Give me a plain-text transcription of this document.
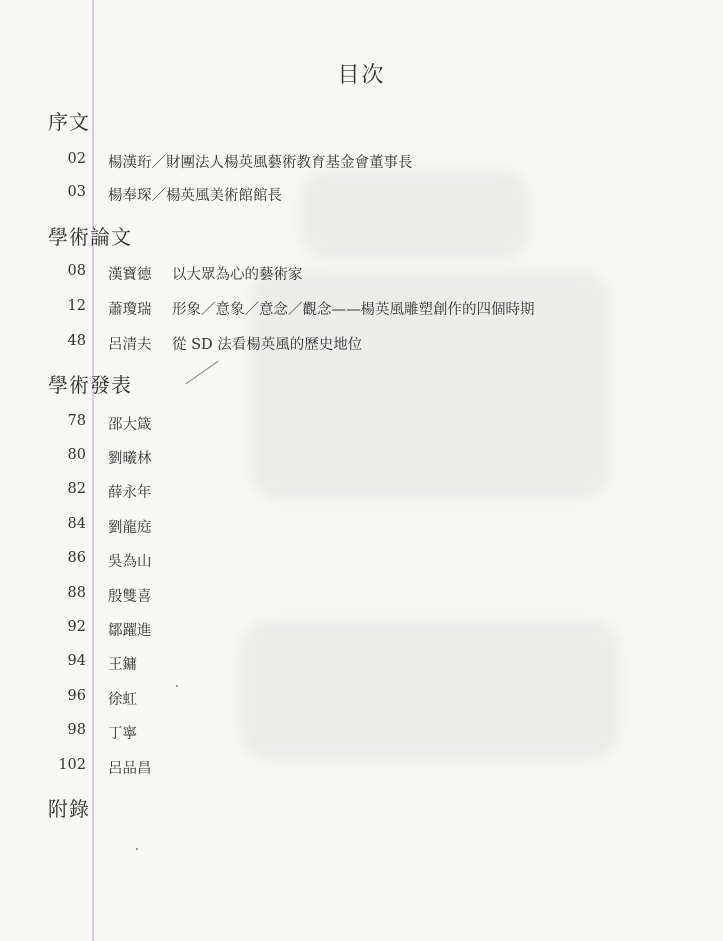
目次
序文
02 楊漢珩／財團法人楊英風藝術教育基金會董事長
03 楊奉琛／楊英風美術館館長
學術論文
08 漢寶德 以大眾為心的藝術家
12 蕭瓊瑞 形象／意象／意念／觀念——楊英風雕塑創作的四個時期
48 呂清夫 從 SD 法看楊英風的歷史地位
學術發表
78 邵大箴
80 劉曦林
82 薛永年
84 劉龍庭
86 吳為山
88 殷雙喜
92 鄒躍進
94 王鏞
96 徐虹
98 丁寧
102 呂品昌
附錄
